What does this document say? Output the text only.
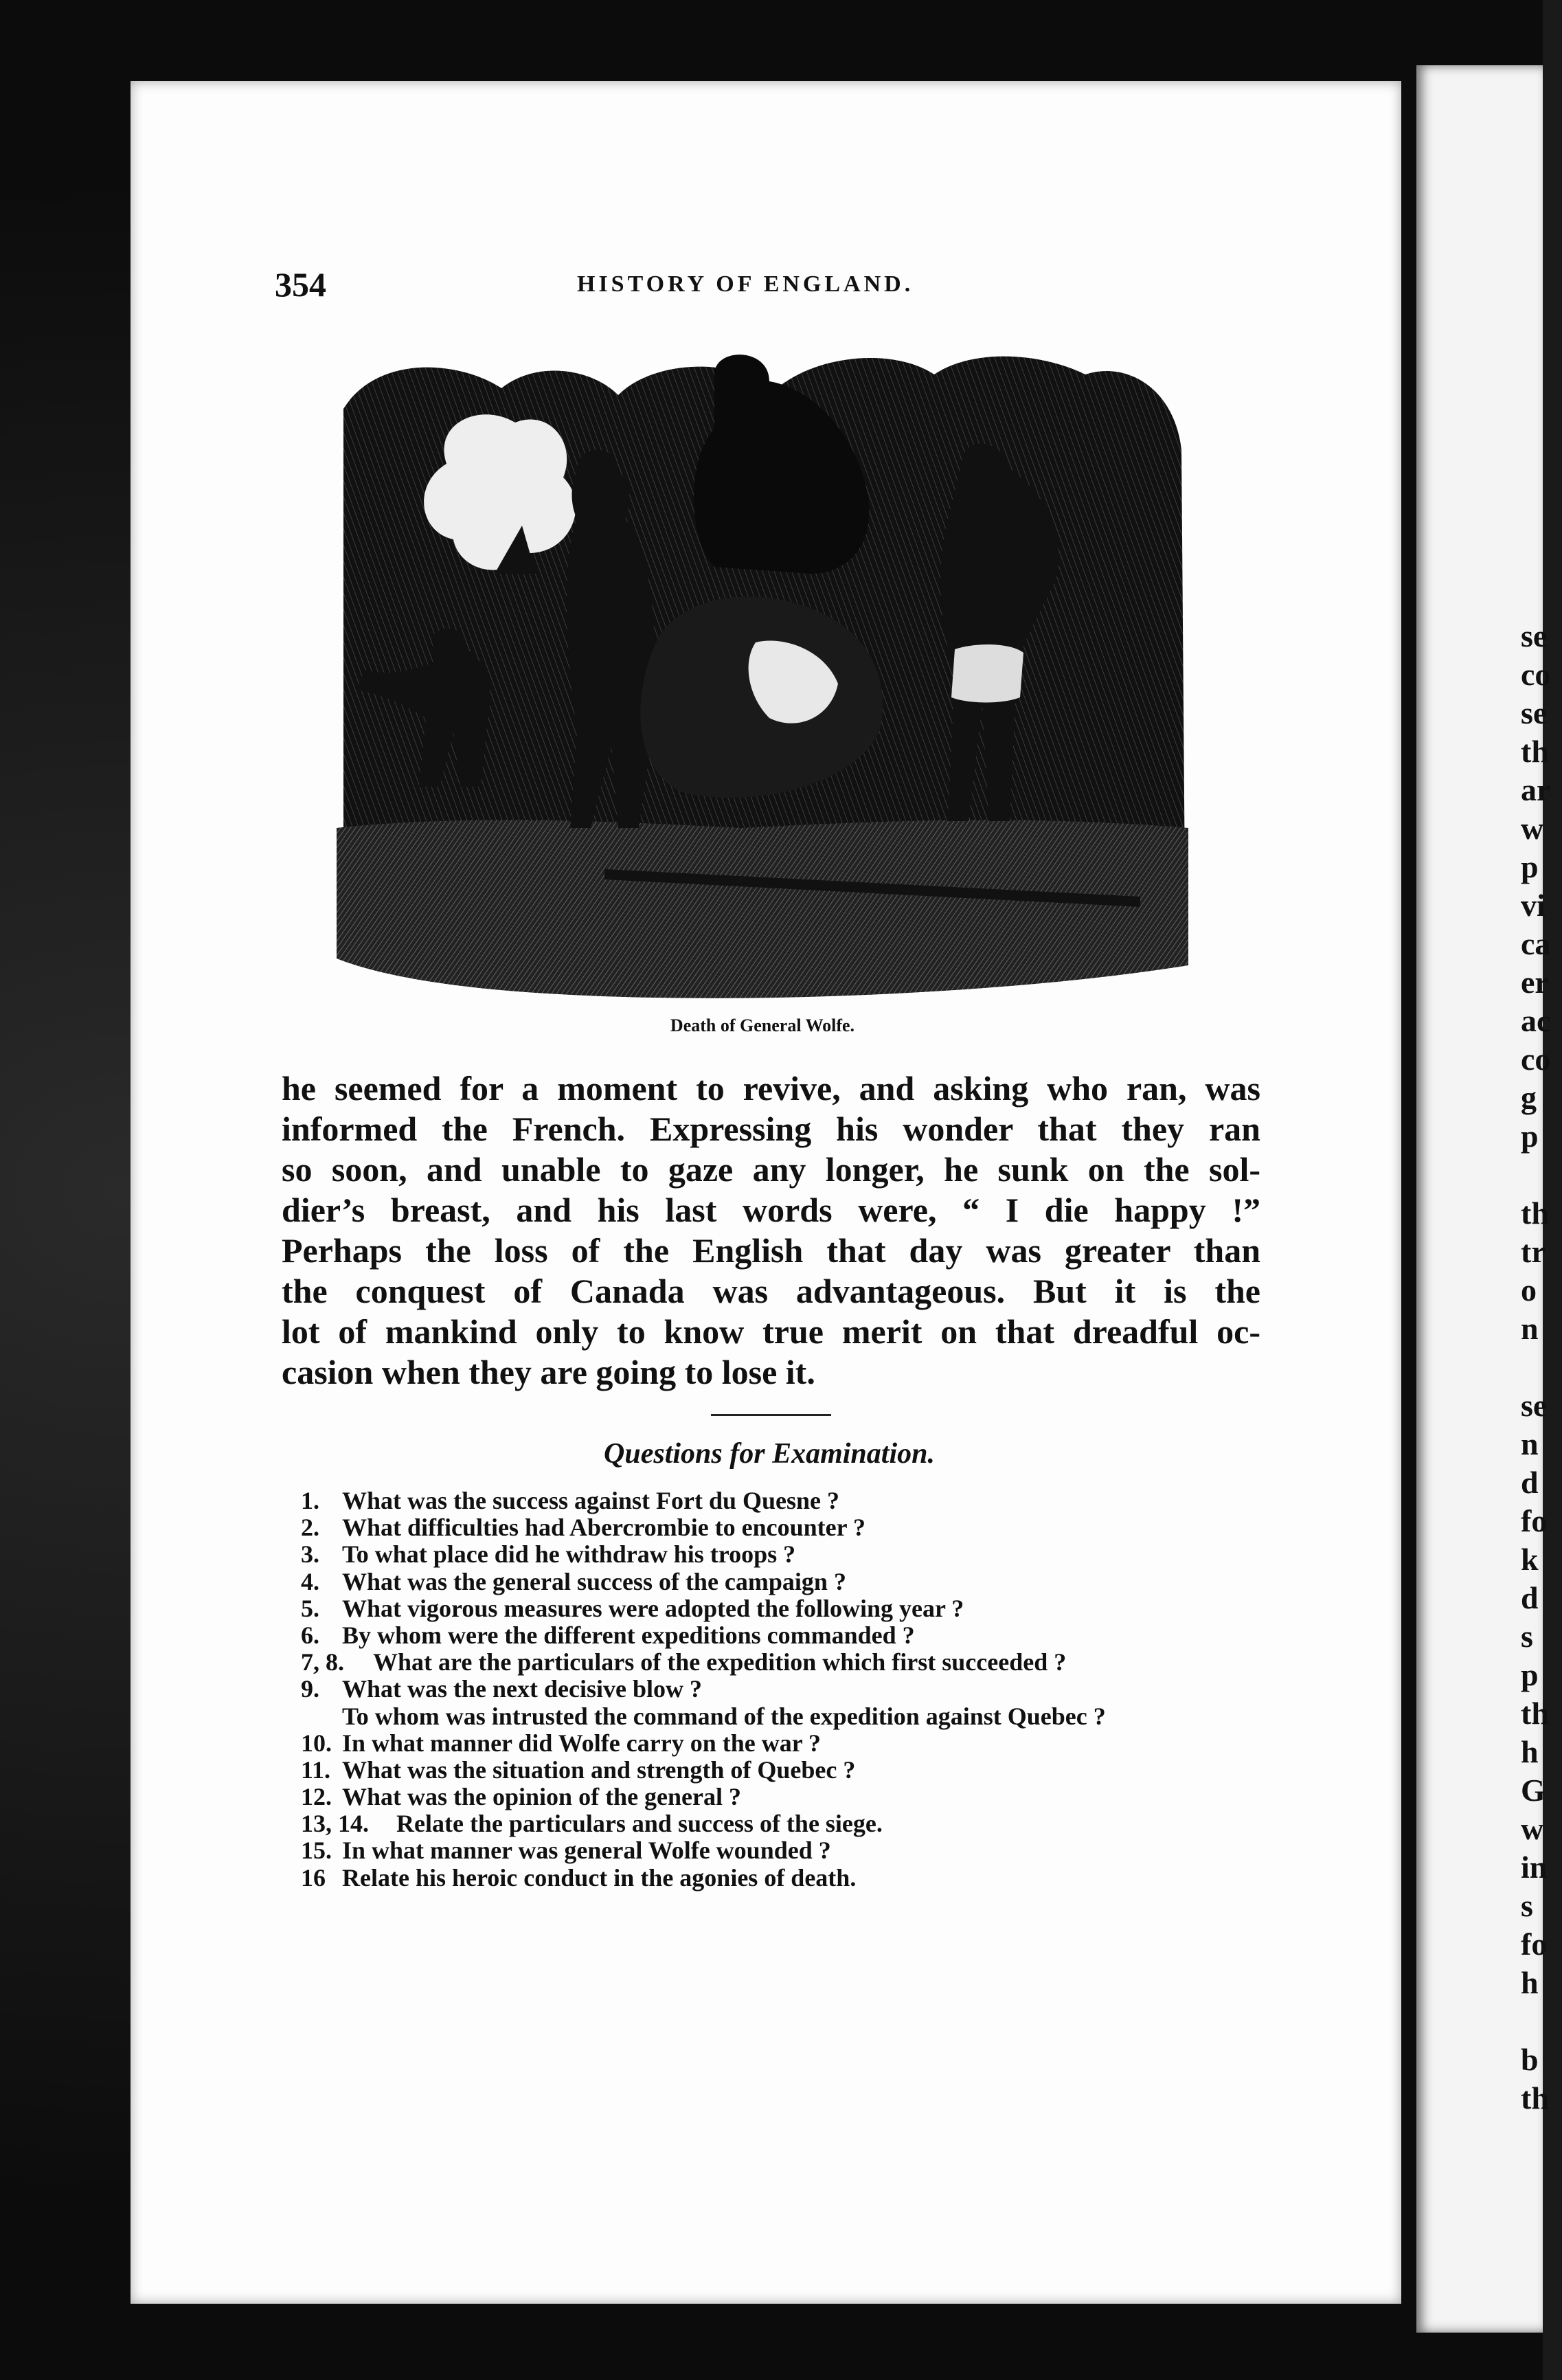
se
co
se
th
ar
w
p
vi
ca
er
ac
co
g
p
th
tr
o
n
se
n
d
fo
k
d
s
p
th
h
G
w
in
s
fo
h
b
th
354	HISTORY OF ENGLAND.
Death of General Wolfe.
he seemed for a moment to revive, and asking who ran, was
informed the French. Expressing his wonder that they ran
so soon, and unable to gaze any longer, he sunk on the sol-
dier’s breast, and his last words were, “ I die happy !”
Perhaps the loss of the English that day was greater than
the conquest of Canada was advantageous. But it is the
lot of mankind only to know true merit on that dreadful oc-
casion when they are going to lose it.
Questions for Examination.
1. What was the success against Fort du Quesne ?
2. What difficulties had Abercrombie to encounter ?
3. To what place did he withdraw his troops ?
4. What was the general success of the campaign ?
5. What vigorous measures were adopted the following year ?
6. By whom were the different expeditions commanded ?
7, 8. What are the particulars of the expedition which first succeeded ?
9. What was the next decisive blow ?
To whom was intrusted the command of the expedition against Quebec ?
10. In what manner did Wolfe carry on the war ?
11. What was the situation and strength of Quebec ?
12. What was the opinion of the general ?
13, 14. Relate the particulars and success of the siege.
15. In what manner was general Wolfe wounded ?
16 Relate his heroic conduct in the agonies of death.
